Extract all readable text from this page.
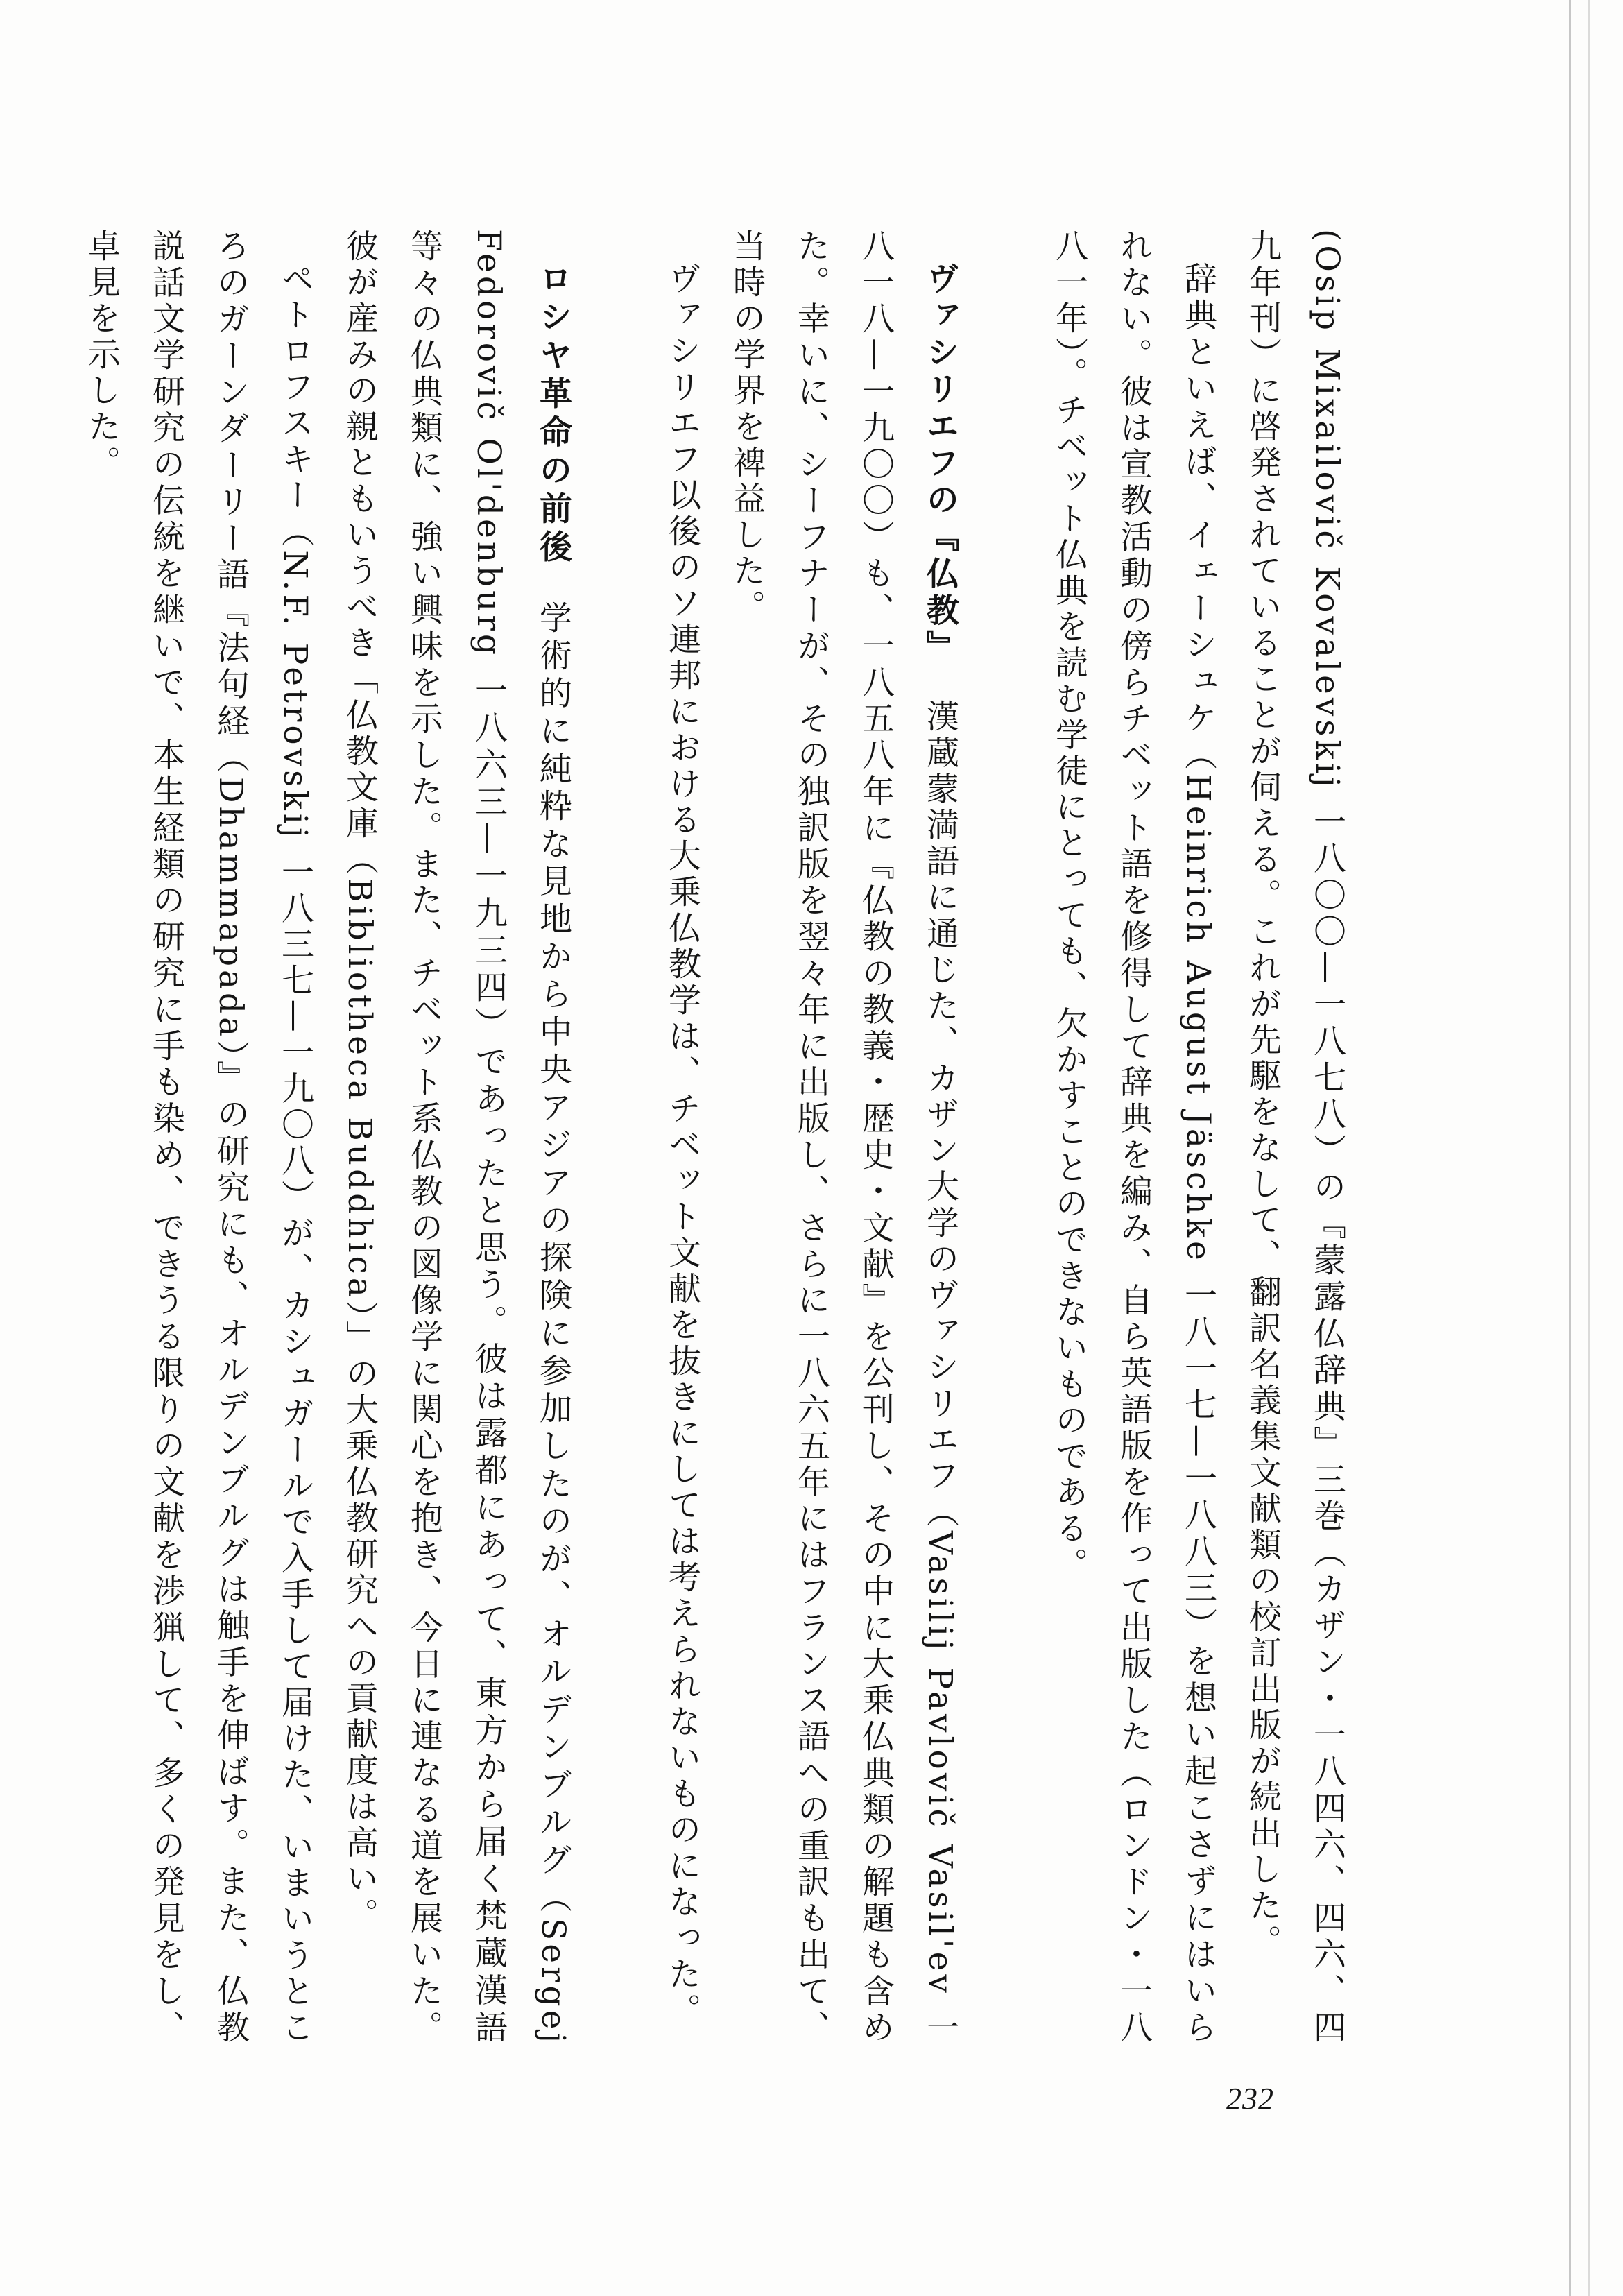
(Osip Mixailovič Kovalevskij 一八〇〇—一八七八）の『蒙露仏辞典』三巻（カザン・一八四六、四六、四九年刊）に啓発されていることが伺える。これが先駆をなして、翻訳名義集文献類の校訂出版が続出した。

辞典といえば、イェーシュケ（Heinrich August Jäschke 一八一七—一八八三）を想い起こさずにはいられない。彼は宣教活動の傍らチベット語を修得して辞典を編み、自ら英語版を作って出版した（ロンドン・一八八一年）。チベット仏典を読む学徒にとっても、欠かすことのできないものである。

ヴァシリエフの『仏教』漢蔵蒙満語に通じた、カザン大学のヴァシリエフ（Vasilij Pavlovič Vasil'ev 一八一八—一九〇〇）も、一八五八年に『仏教の教義・歴史・文献』を公刊し、その中に大乗仏典類の解題も含めた。幸いに、シーフナーが、その独訳版を翌々年に出版し、さらに一八六五年にはフランス語への重訳も出て、当時の学界を裨益した。

ヴァシリエフ以後のソ連邦における大乗仏教学は、チベット文献を抜きにしては考えられないものになった。

ロシヤ革命の前後学術的に純粋な見地から中央アジアの探険に参加したのが、オルデンブルグ（Sergej Fedorovič Ol'denburg 一八六三—一九三四）であったと思う。彼は露都にあって、東方から届く梵蔵漢語等々の仏典類に、強い興味を示した。また、チベット系仏教の図像学に関心を抱き、今日に連なる道を展いた。彼が産みの親ともいうべき「仏教文庫（Bibliotheca Buddhica）」の大乗仏教研究への貢献度は高い。

ペトロフスキー（N.F. Petrovskij 一八三七—一九〇八）が、カシュガールで入手して届けた、いまいうところのガーンダーリー語『法句経（Dhammapada）』の研究にも、オルデンブルグは触手を伸ばす。また、仏教説話文学研究の伝統を継いで、本生経類の研究に手も染め、できうる限りの文献を渉猟して、多くの発見をし、卓見を示した。

232
